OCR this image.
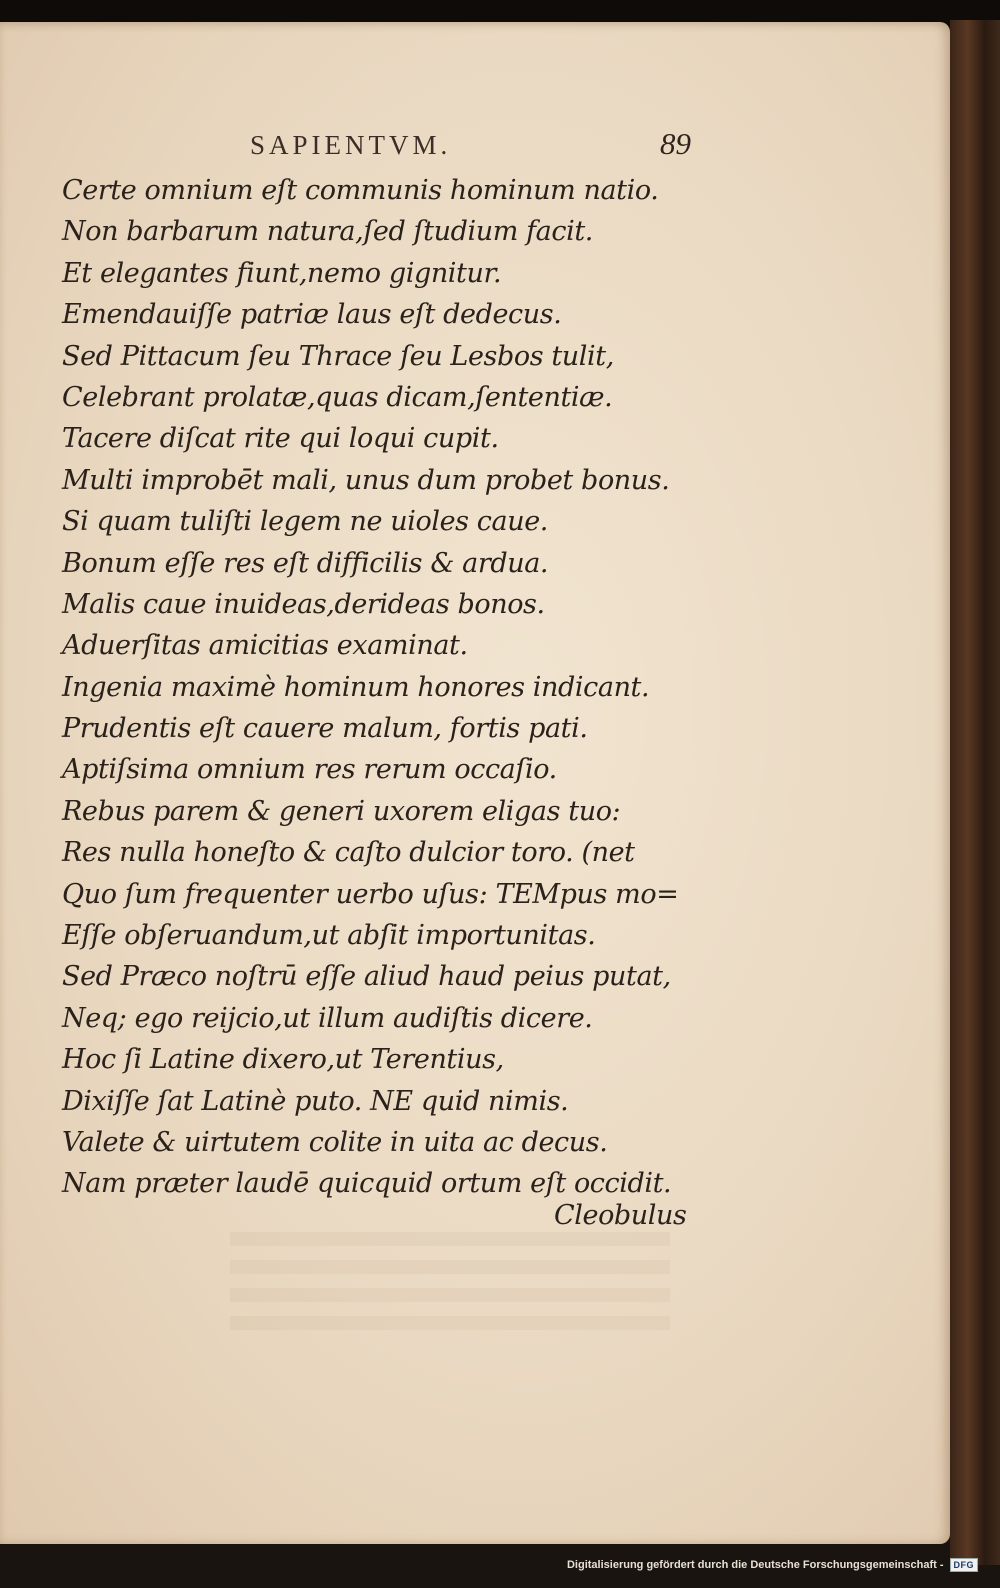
SAPIENTVM.	89
Certe omnium eſt communis hominum natio.
Non barbarum natura,ſed ſtudium facit.
Et elegantes fiunt,nemo gignitur.
Emendauiſſe patriæ laus eſt dedecus.
Sed Pittacum ſeu Thrace ſeu Lesbos tulit,
Celebrant prolatæ,quas dicam,ſententiæ.
Tacere diſcat rite qui loqui cupit.
Multi improbēt mali, unus dum probet bonus.
Si quam tuliſti legem ne uioles caue.
Bonum eſſe res eſt difficilis & ardua.
Malis caue inuideas,derideas bonos.
Aduerſitas amicitias examinat.
Ingenia maximè hominum honores indicant.
Prudentis eſt cauere malum, fortis pati.
Aptiſsima omnium res rerum occaſio.
Rebus parem & generi uxorem eligas tuo:
Res nulla honeſto & caſto dulcior toro. (net
Quo ſum frequenter uerbo uſus: TEMpus mo=
Eſſe obſeruandum,ut abſit importunitas.
Sed Præco noſtrū eſſe aliud haud peius putat,
Neq; ego reijcio,ut illum audiſtis dicere.
Hoc ſi Latine dixero,ut Terentius,
Dixiſſe ſat Latinè puto. NE quid nimis.
Valete & uirtutem colite in uita ac decus.
Nam præter laudē quicquid ortum eſt occidit.
Cleobulus
Digitalisierung gefördert durch die Deutsche Forschungsgemeinschaft -	DFG
